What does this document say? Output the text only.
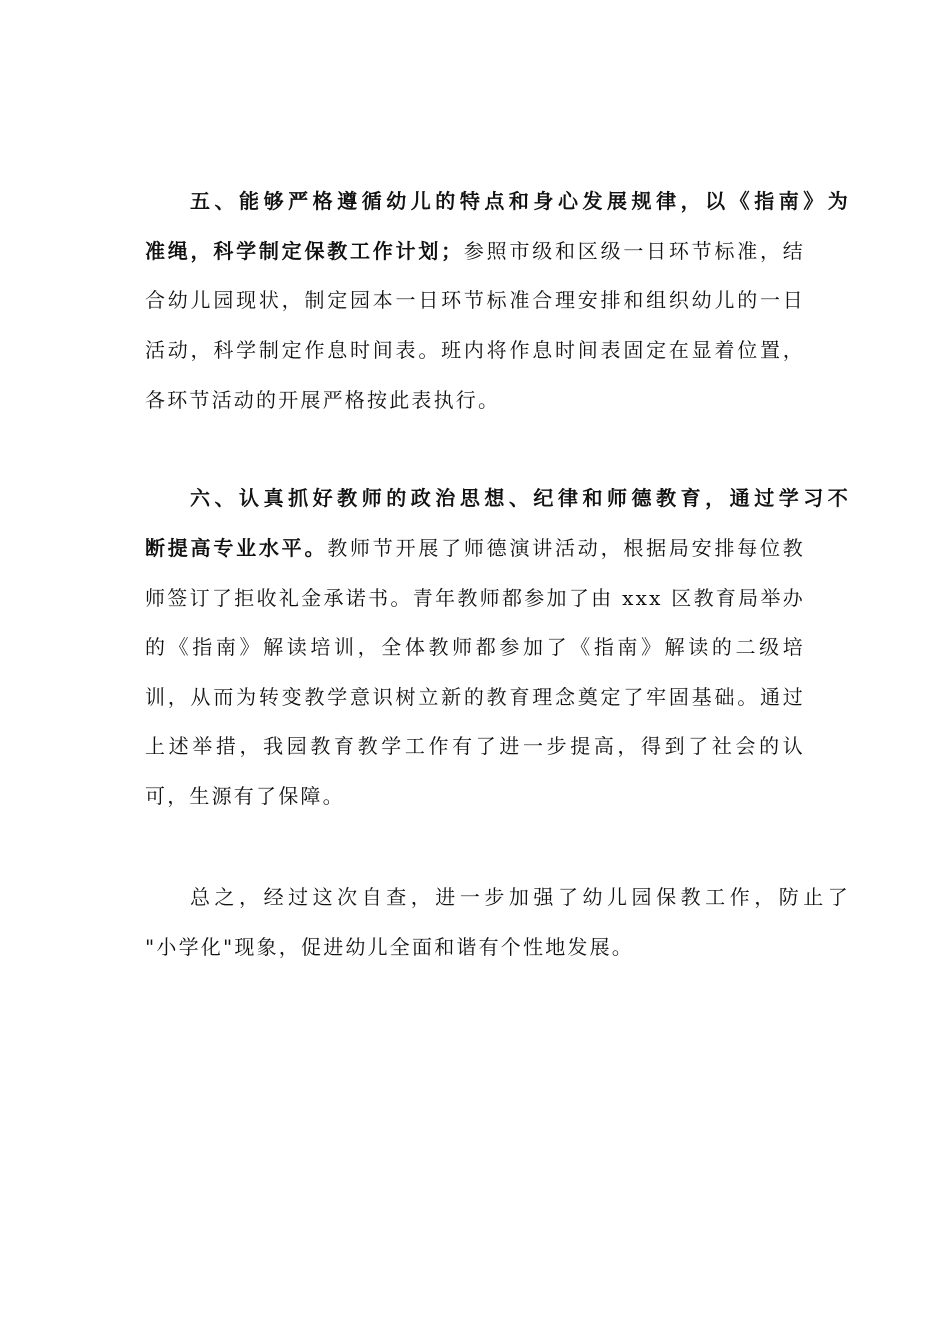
五、能够严格遵循幼儿的特点和身心发展规律，以《指南》为
准绳，科学制定保教工作计划；参照市级和区级一日环节标准，结
合幼儿园现状，制定园本一日环节标准合理安排和组织幼儿的一日
活动，科学制定作息时间表。班内将作息时间表固定在显着位置，
各环节活动的开展严格按此表执行。
六、认真抓好教师的政治思想、纪律和师德教育，通过学习不
断提高专业水平。教师节开展了师德演讲活动，根据局安排每位教
师签订了拒收礼金承诺书。青年教师都参加了由 xxx 区教育局举办
的《指南》解读培训，全体教师都参加了《指南》解读的二级培
训，从而为转变教学意识树立新的教育理念奠定了牢固基础。通过
上述举措，我园教育教学工作有了进一步提高，得到了社会的认
可，生源有了保障。
总之，经过这次自查，进一步加强了幼儿园保教工作，防止了
"小学化"现象，促进幼儿全面和谐有个性地发展。
